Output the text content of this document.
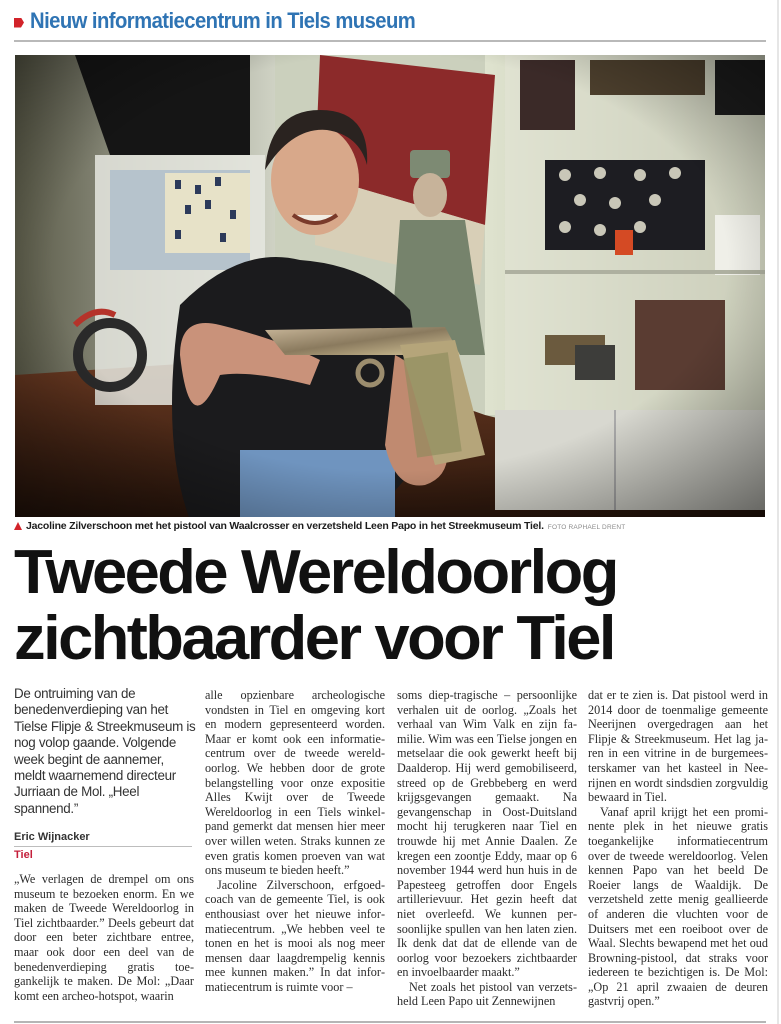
Nieuw informatiecentrum in Tiels museum
Jacoline Zilverschoon met het pistool van Waalcrosser en verzetsheld Leen Papo in het Streekmuseum Tiel. FOTO RAPHAEL DRENT
Tweede Wereldoorlog
zichtbaarder voor Tiel
De ontruiming van de benedenverdieping van het Tielse Flipje & Streekmuseum is nog volop gaande. Volgende week begint de aannemer, meldt waarnemend directeur Jurriaan de Mol. „Heel spannend.”
Eric Wijnacker
Tiel

„We verlagen de drempel om ons museum te bezoeken enorm. En we maken de Tweede Wereldoorlog in Tiel zichtbaarder.” Deels gebeurt dat door een beter zichtbare entree, maar ook door een deel van de benedenverdieping gratis toegankelijk te maken. De Mol: „Daar komt een archeo-hotspot, waarin

alle opzienbare archeologische vondsten in Tiel en omgeving kort en modern gepresenteerd worden. Maar er komt ook een informatiecentrum over de tweede wereldoorlog. We hebben door de grote belangstelling voor onze expositie Alles Kwijt over de Tweede Wereldoorlog in een Tiels winkelpand gemerkt dat mensen hier meer over willen weten. Straks kunnen ze even gratis komen proeven van wat ons museum te bieden heeft.”

Jacoline Zilverschoon, erfgoedcoach van de gemeente Tiel, is ook enthousiast over het nieuwe informatiecentrum. „We hebben veel te tonen en het is mooi als nog meer mensen daar laagdrempelig kennis mee kunnen maken.” In dat informatiecentrum is ruimte voor –

soms diep-tragische – persoonlijke verhalen uit de oorlog. „Zoals het verhaal van Wim Valk en zijn familie. Wim was een Tielse jongen en metselaar die ook gewerkt heeft bij Daalderop. Hij werd gemobiliseerd, streed op de Grebbeberg en werd krijgsgevangen gemaakt. Na gevangenschap in Oost-Duitsland mocht hij terugkeren naar Tiel en trouwde hij met Annie Daalen. Ze kregen een zoontje Eddy, maar op 6 november 1944 werd hun huis in de Papesteeg getroffen door Engels artillerievuur. Het gezin heeft dat niet overleefd. We kunnen persoonlijke spullen van hen laten zien. Ik denk dat dat de ellende van de oorlog voor bezoekers zichtbaarder en invoelbaarder maakt.”

Net zoals het pistool van verzetsheld Leen Papo uit Zennewijnen

dat er te zien is. Dat pistool werd in 2014 door de toenmalige gemeente Neerijnen overgedragen aan het Flipje & Streekmuseum. Het lag jaren in een vitrine in de burgemeesterskamer van het kasteel in Neerijnen en wordt sindsdien zorgvuldig bewaard in Tiel.

Vanaf april krijgt het een prominente plek in het nieuwe gratis toegankelijke informatiecentrum over de tweede wereldoorlog. Velen kennen Papo van het beeld De Roeier langs de Waaldijk. De verzetsheld zette menig geallieerde of anderen die vluchten voor de Duitsers met een roeiboot over de Waal. Slechts bewapend met het oud Browning-pistool, dat straks voor iedereen te bezichtigen is. De Mol: „Op 21 april zwaaien de deuren gastvrij open.”
